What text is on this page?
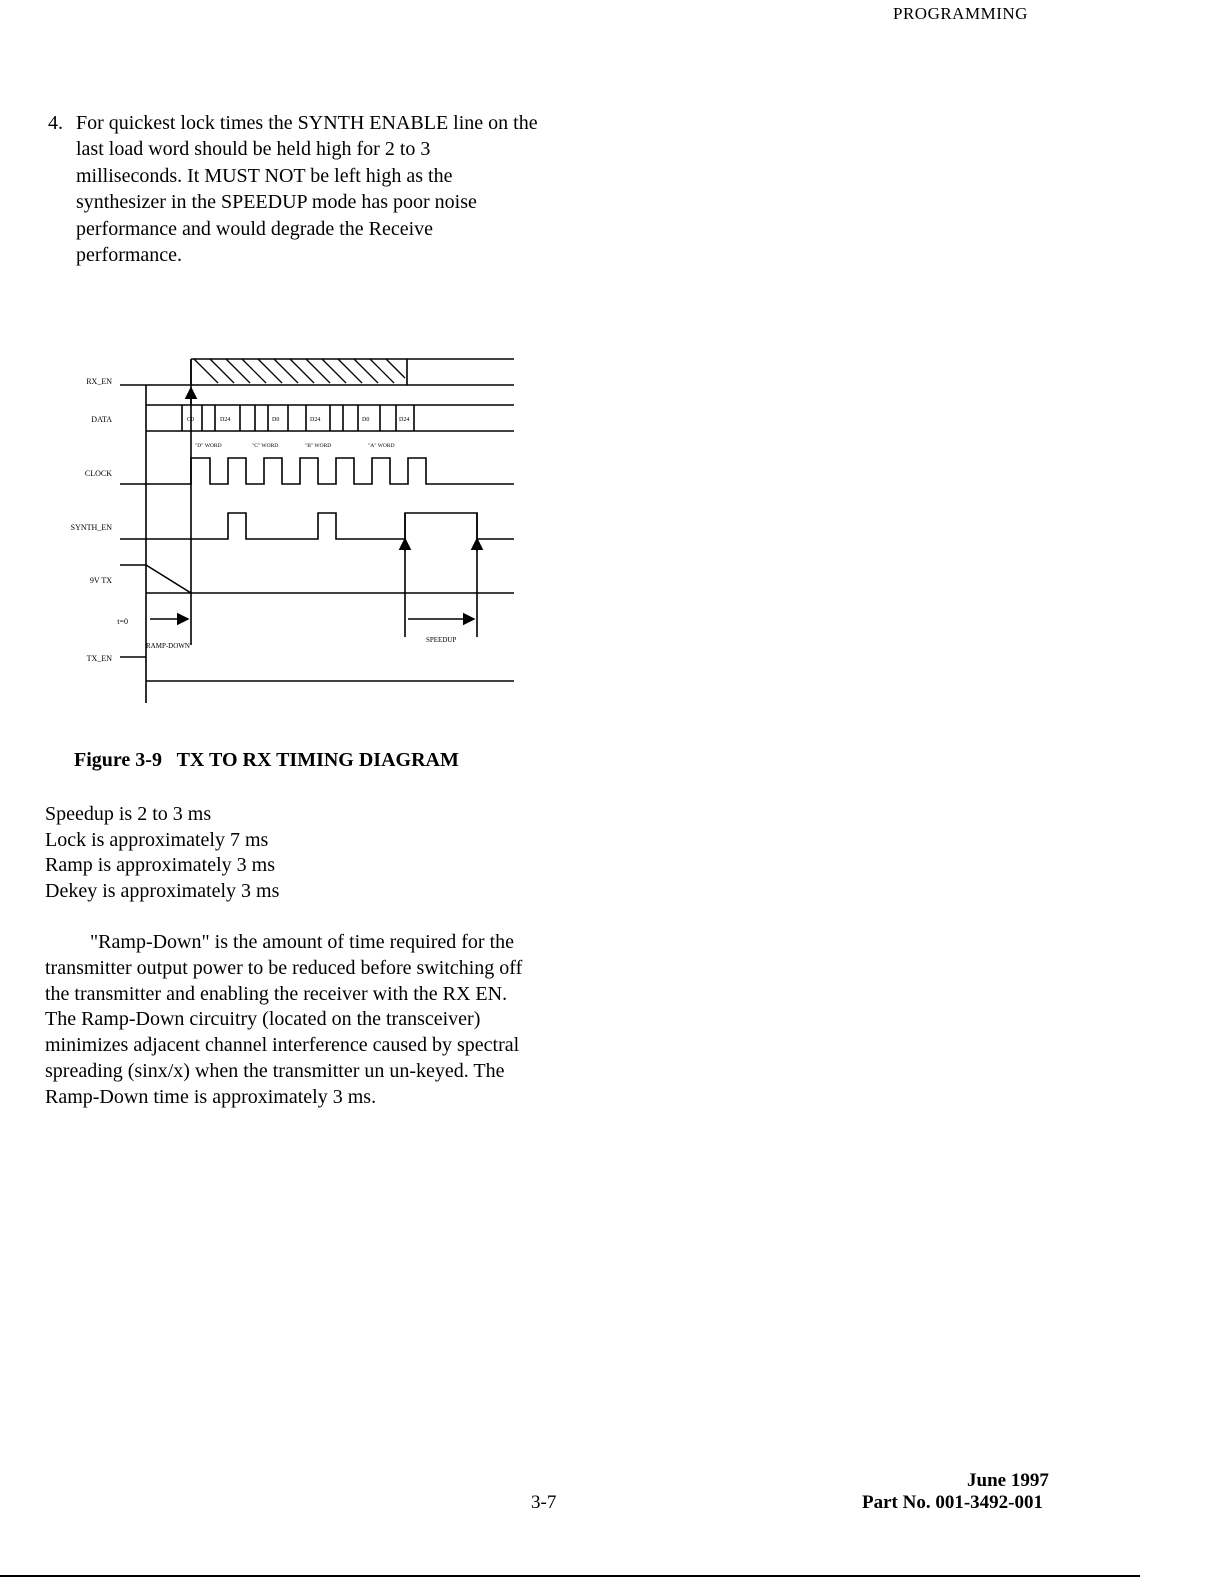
PROGRAMMING
4. For quickest lock times the SYNTH ENABLE line on the last load word should be held high for 2 to 3 milliseconds. It MUST NOT be left high as the synthesizer in the SPEEDUP mode has poor noise performance and would degrade the Receive performance.
RX_EN
DATA
CLOCK
SYNTH_EN
9V TX
TX_EN
t=0
C0	D24	D0	D24	D0	D24
"D" WORD	"C" WORD	"B" WORD	"A" WORD
RAMP-DOWN
SPEEDUP
Figure 3-9   TX TO RX TIMING DIAGRAM
Speedup is 2 to 3 ms
Lock is approximately 7 ms
Ramp is approximately 3 ms
Dekey is approximately 3 ms
"Ramp-Down" is the amount of time required for the transmitter output power to be reduced before switching off the transmitter and enabling the receiver with the RX EN. The Ramp-Down circuitry (located on the transceiver) minimizes adjacent channel interference caused by spectral spreading (sinx/x) when the transmitter un un-keyed. The Ramp-Down time is approximately 3 ms.
3-7
June 1997
Part No. 001-3492-001
